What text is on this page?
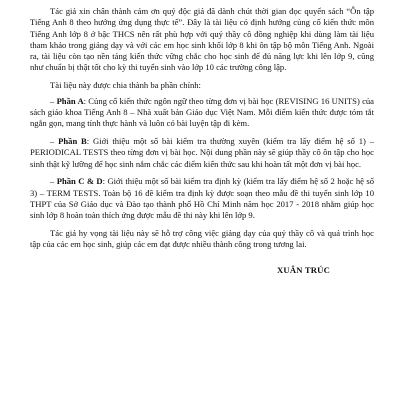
Tác giả xin chân thành cảm ơn quý độc giả đã dành chút thời gian đọc quyển sách “Ôn tập Tiếng Anh 8 theo hướng ứng dụng thực tế”. Đây là tài liệu có định hướng củng cố kiến thức môn Tiếng Anh lớp 8 ở bậc THCS nên rất phù hợp với quý thầy cô đồng nghiệp khi dùng làm tài liệu tham khảo trong giảng dạy và với các em học sinh khối lớp 8 khi ôn tập bộ môn Tiếng Anh. Ngoài ra, tài liệu còn tạo nền tảng kiến thức vững chắc cho học sinh để đủ năng lực khi lên lớp 9, cũng như chuẩn bị thật tốt cho kỳ thi tuyển sinh vào lớp 10 các trường công lập.

Tài liệu này được chia thành ba phần chính:

– Phần A: Củng cố kiến thức ngôn ngữ theo từng đơn vị bài học (REVISING 16 UNITS) của sách giáo khoa Tiếng Anh 8 – Nhà xuất bản Giáo dục Việt Nam. Mỗi điểm kiến thức được tóm tắt ngắn gọn, mang tính thực hành và luôn có bài luyện tập đi kèm.

– Phần B: Giới thiệu một số bài kiểm tra thường xuyên (kiểm tra lấy điểm hệ số 1) – PERIODICAL TESTS theo từng đơn vị bài học. Nội dung phần này sẽ giúp thầy cô ôn tập cho học sinh thật kỹ lưỡng để học sinh nắm chắc các điểm kiến thức sau khi hoàn tất một đơn vị bài học.

– Phần C & D: Giới thiệu một số bài kiểm tra định kỳ (kiểm tra lấy điểm hệ số 2 hoặc hệ số 3) – TERM TESTS. Toàn bộ 16 đề kiểm tra định kỳ được soạn theo mẫu đề thi tuyển sinh lớp 10 THPT của Sở Giáo dục và Đào tạo thành phố Hồ Chí Minh năm học 2017 - 2018 nhằm giúp học sinh lớp 8 hoàn toàn thích ứng được mẫu đề thi này khi lên lớp 9.

Tác giả hy vọng tài liệu này sẽ hỗ trợ công việc giảng dạy của quý thầy cô và quá trình học tập của các em học sinh, giúp các em đạt được nhiều thành công trong tương lai.

XUÂN TRÚC
